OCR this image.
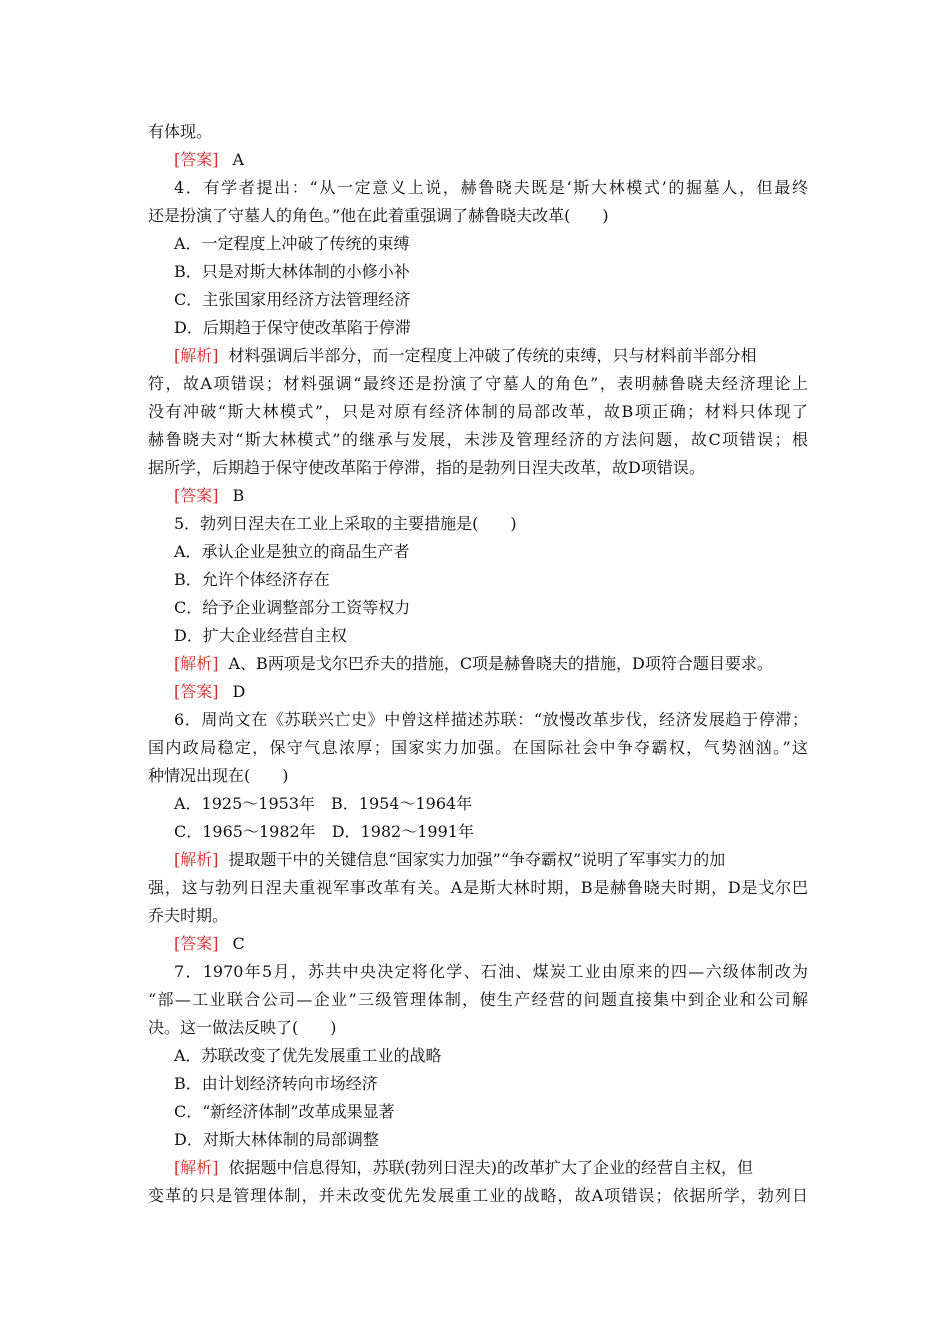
有体现。
[答案] A
4．有学者提出：“从一定意义上说，赫鲁晓夫既是‘斯大林模式’的掘墓人，但最终
还是扮演了守墓人的角色。”他在此着重强调了赫鲁晓夫改革(　　)
A．一定程度上冲破了传统的束缚
B．只是对斯大林体制的小修小补
C．主张国家用经济方法管理经济
D．后期趋于保守使改革陷于停滞
[解析] 材料强调后半部分，而一定程度上冲破了传统的束缚，只与材料前半部分相
符，故A项错误；材料强调“最终还是扮演了守墓人的角色”，表明赫鲁晓夫经济理论上
没有冲破“斯大林模式”，只是对原有经济体制的局部改革，故B项正确；材料只体现了
赫鲁晓夫对“斯大林模式”的继承与发展，未涉及管理经济的方法问题，故C项错误；根
据所学，后期趋于保守使改革陷于停滞，指的是勃列日涅夫改革，故D项错误。
[答案] B
5．勃列日涅夫在工业上采取的主要措施是(　　)
A．承认企业是独立的商品生产者
B．允许个体经济存在
C．给予企业调整部分工资等权力
D．扩大企业经营自主权
[解析] A、B两项是戈尔巴乔夫的措施，C项是赫鲁晓夫的措施，D项符合题目要求。
[答案] D
6．周尚文在《苏联兴亡史》中曾这样描述苏联：“放慢改革步伐，经济发展趋于停滞；
国内政局稳定，保守气息浓厚；国家实力加强。在国际社会中争夺霸权，气势汹汹。”这
种情况出现在(　　)
A．1925～1953年 B．1954～1964年
C．1965～1982年 D．1982～1991年
[解析] 提取题干中的关键信息“国家实力加强”“争夺霸权”说明了军事实力的加
强，这与勃列日涅夫重视军事改革有关。A是斯大林时期，B是赫鲁晓夫时期，D是戈尔巴
乔夫时期。
[答案] C
7．1970年5月，苏共中央决定将化学、石油、煤炭工业由原来的四—六级体制改为
“部—工业联合公司—企业”三级管理体制，使生产经营的问题直接集中到企业和公司解
决。这一做法反映了(　　)
A．苏联改变了优先发展重工业的战略
B．由计划经济转向市场经济
C．“新经济体制”改革成果显著
D．对斯大林体制的局部调整
[解析] 依据题中信息得知，苏联(勃列日涅夫)的改革扩大了企业的经营自主权，但
变革的只是管理体制，并未改变优先发展重工业的战略，故A项错误；依据所学，勃列日
